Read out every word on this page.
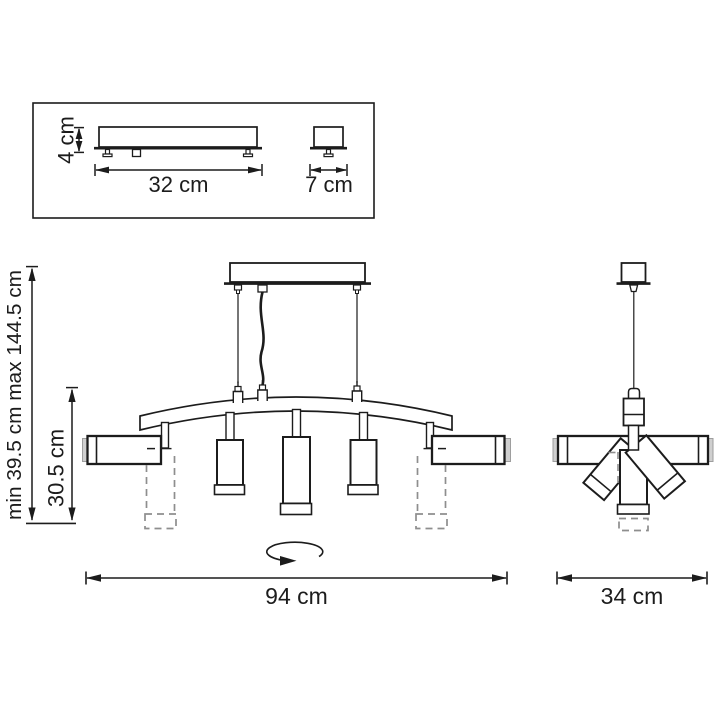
4 cm
32 cm	7 cm
min 39.5 cm max 144.5 cm 30.5 cm
94 cm	34 cm
